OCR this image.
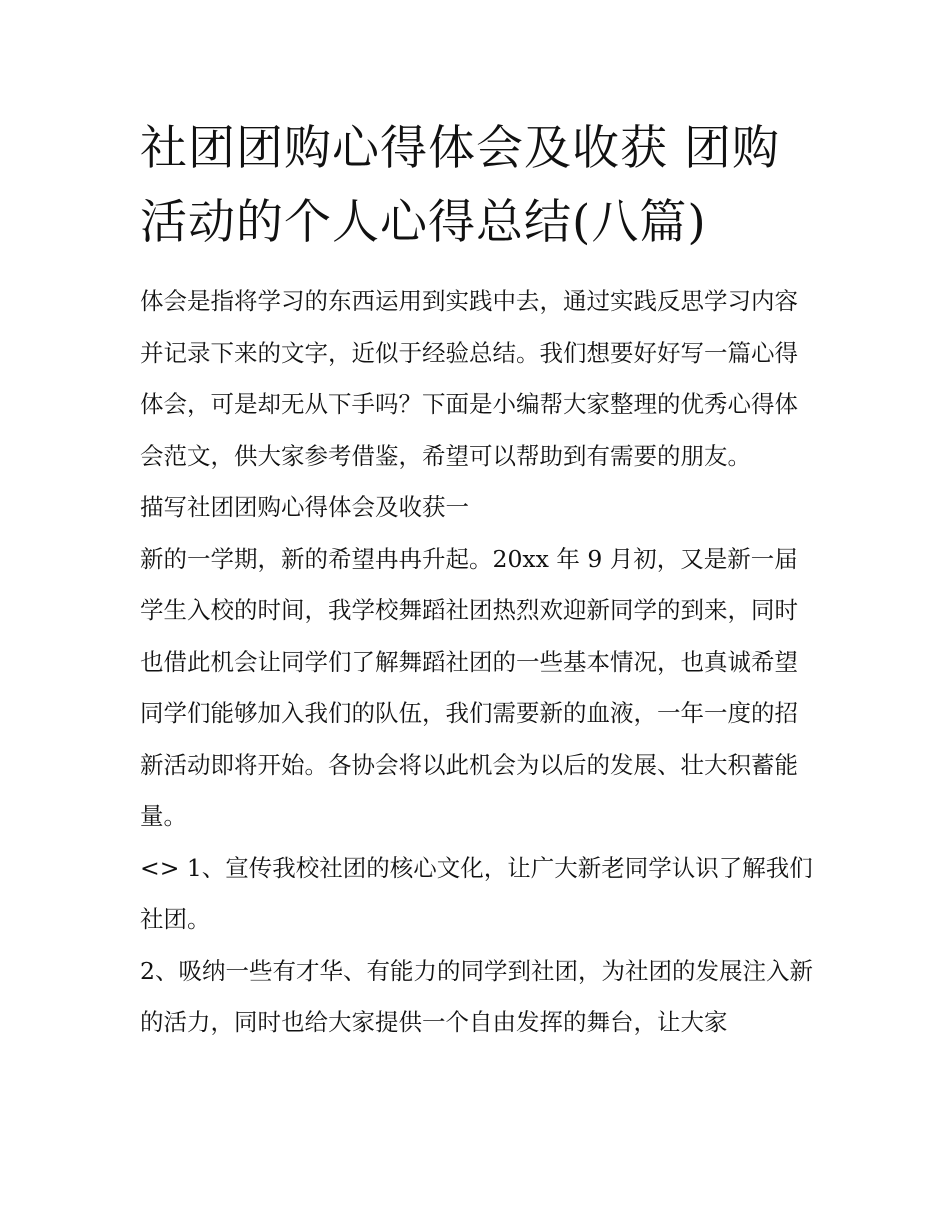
社团团购心得体会及收获 团购活动的个人心得总结(八篇)

体会是指将学习的东西运用到实践中去，通过实践反思学习内容并记录下来的文字，近似于经验总结。我们想要好好写一篇心得体会，可是却无从下手吗？下面是小编帮大家整理的优秀心得体会范文，供大家参考借鉴，希望可以帮助到有需要的朋友。

描写社团团购心得体会及收获一

新的一学期，新的希望冉冉升起。20xx 年 9 月初，又是新一届学生入校的时间，我学校舞蹈社团热烈欢迎新同学的到来，同时也借此机会让同学们了解舞蹈社团的一些基本情况，也真诚希望同学们能够加入我们的队伍，我们需要新的血液，一年一度的招新活动即将开始。各协会将以此机会为以后的发展、壮大积蓄能量。

<> 1、宣传我校社团的核心文化，让广大新老同学认识了解我们社团。

2、吸纳一些有才华、有能力的同学到社团，为社团的发展注入新的活力，同时也给大家提供一个自由发挥的舞台，让大家
